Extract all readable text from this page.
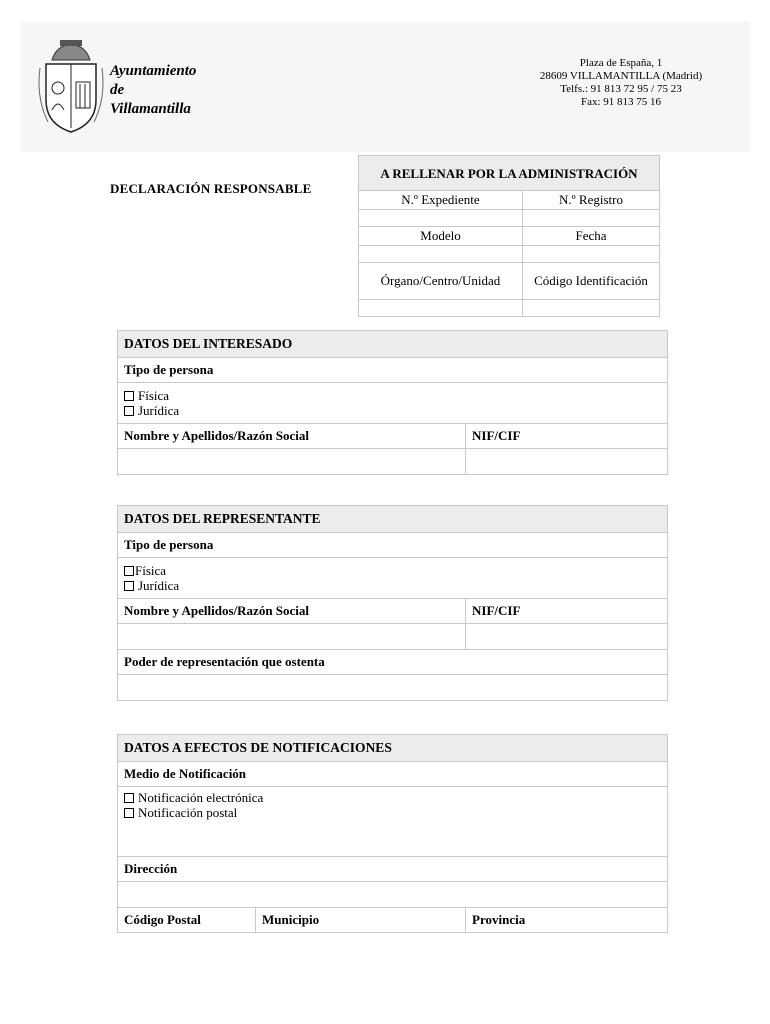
Ayuntamiento
de
Villamantilla
Plaza de España, 1
28609 VILLAMANTILLA (Madrid)
Telfs.: 91 813 72 95 / 75 23
Fax: 91 813 75 16
DECLARACIÓN RESPONSABLE
A RELLENAR POR LA ADMINISTRACIÓN	
N.º Expediente	N.º Registro

Modelo	Fecha

Órgano/Centro/Unidad	Código Identificación

DATOS DEL INTERESADO	
Tipo de persona	

Física
Jurídica	

Nombre y Apellidos/Razón Social	NIF/CIF

DATOS DEL REPRESENTANTE	
Tipo de persona	

Física
Jurídica	

Nombre y Apellidos/Razón Social	NIF/CIF

Poder de representación que ostenta	

DATOS A EFECTOS DE NOTIFICACIONES
Medio de Notificación

Notificación electrónica
Notificación postal

Dirección

Código Postal	Municipio	Provincia
